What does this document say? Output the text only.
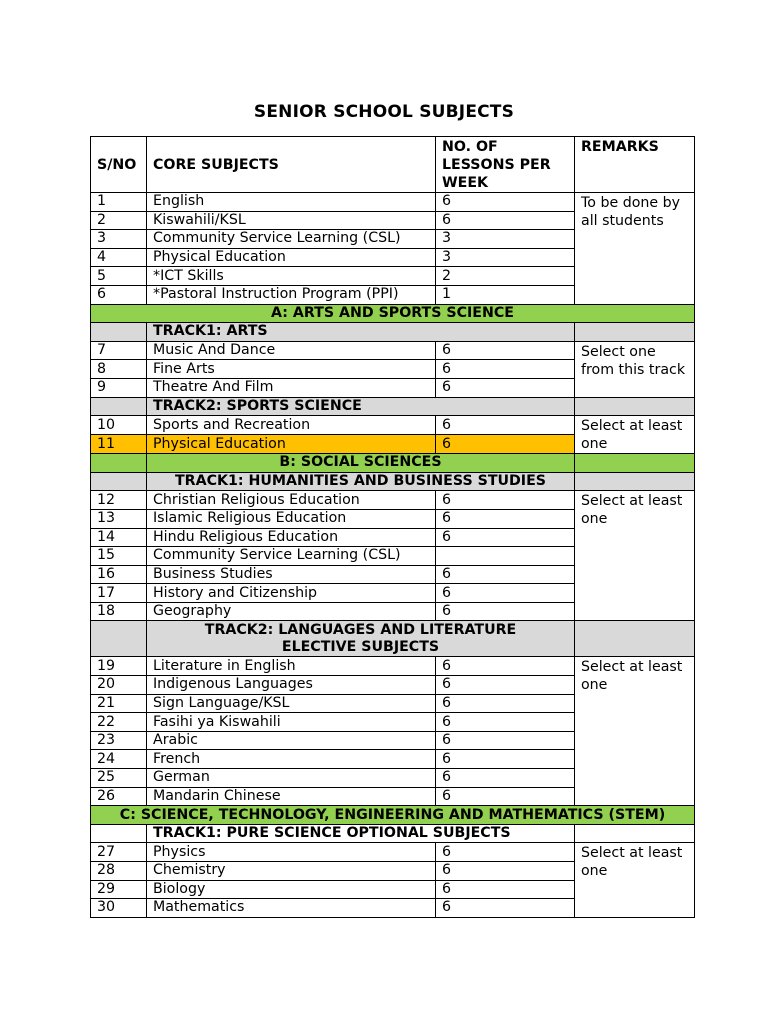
SENIOR SCHOOL SUBJECTS
S/NO	CORE SUBJECTS	NO. OF LESSONS PER WEEK	REMARKS
1	English	6	To be done by all students
2	Kiswahili/KSL	6	
3	Community Service Learning (CSL)	3	
4	Physical Education	3	
5	*ICT Skills	2	
6	*Pastoral Instruction Program (PPI)	1	
A: ARTS AND SPORTS SCIENCE			
	TRACK1: ARTS		
7	Music And Dance	6	Select one from this track
8	Fine Arts	6	
9	Theatre And Film	6	
	TRACK2: SPORTS SCIENCE		
10	Sports and Recreation	6	Select at least one
11	Physical Education	6	
	B: SOCIAL SCIENCES		
	TRACK1: HUMANITIES AND BUSINESS STUDIES		
12	Christian Religious Education	6	Select at least one
13	Islamic Religious Education	6	
14	Hindu Religious Education	6	
15	Community Service Learning (CSL)		
16	Business Studies	6	
17	History and Citizenship	6	
18	Geography	6	

	TRACK2: LANGUAGES AND LITERATURE
ELECTIVE SUBJECTS		

19	Literature in English	6	Select at least one
20	Indigenous Languages	6	
21	Sign Language/KSL	6	
22	Fasihi ya Kiswahili	6	
23	Arabic	6	
24	French	6	
25	German	6	
26	Mandarin Chinese	6	
C: SCIENCE, TECHNOLOGY, ENGINEERING AND MATHEMATICS (STEM)			
	TRACK1: PURE SCIENCE OPTIONAL SUBJECTS		
27	Physics	6	Select at least one
28	Chemistry	6	
29	Biology	6	
30	Mathematics	6	
